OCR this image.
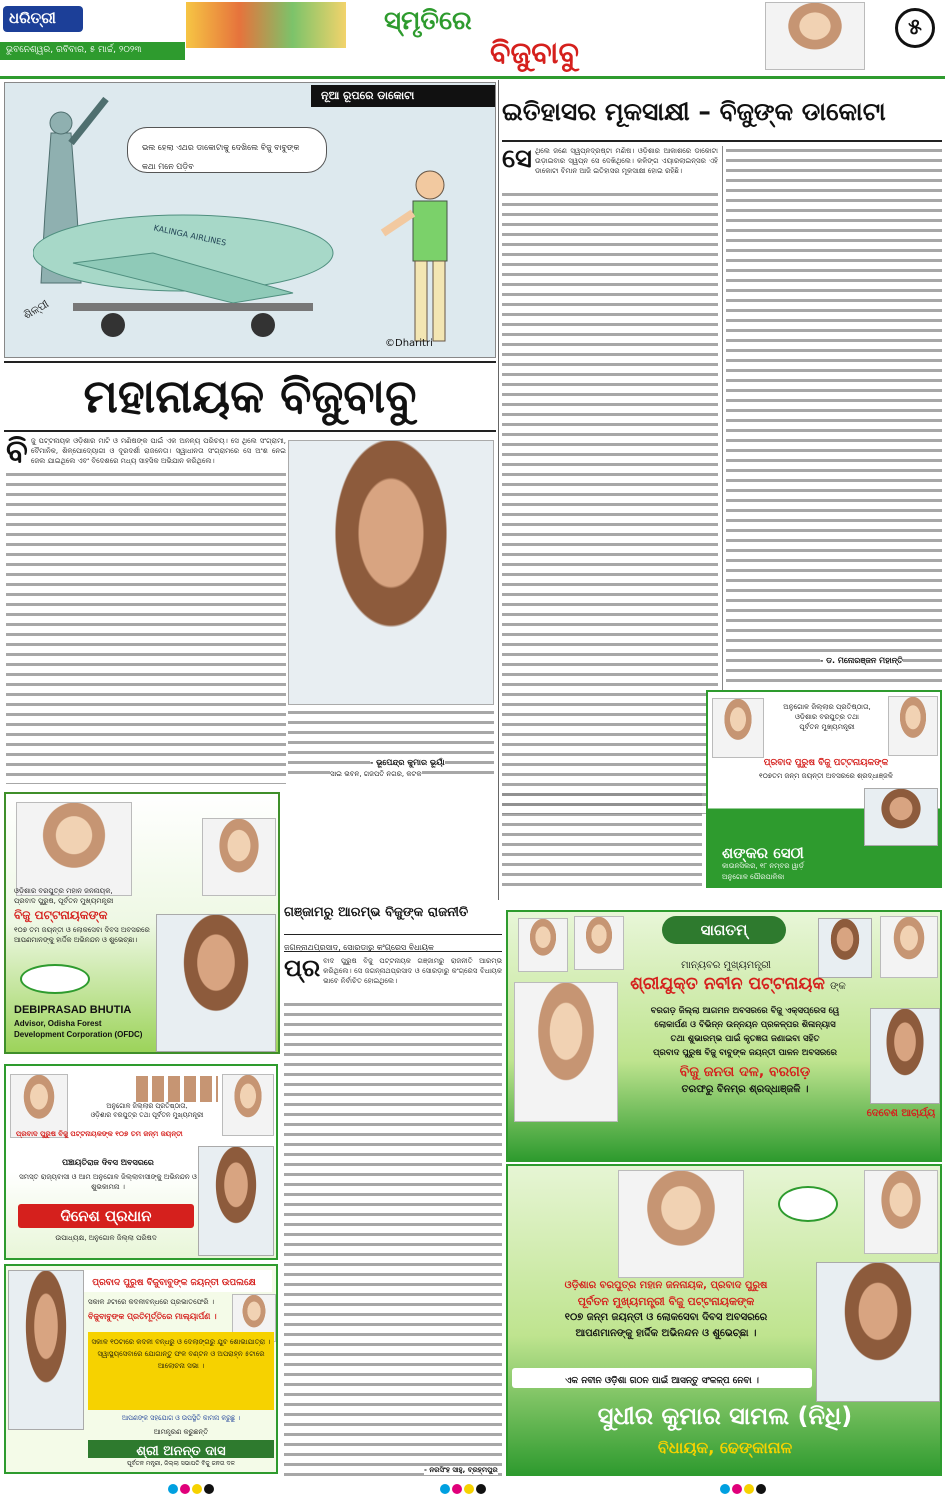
ଧରିତ୍ରୀ	ସ୍ମୃତିରେ
ବିଜୁବାବୁ
୫
ଭୁବନେଶ୍ୱର, ରବିବାର, ୫ ମାର୍ଚ୍ଚ, ୨୦୨୩
ନୂଆ ରୂପରେ ଡାକୋଟା
ଭଲ ହେଲା ଏଥର ଡାକୋଟାକୁ ଦେଖିଲେ ବିଜୁ ବାବୁଙ୍କ କଥା ମନେ ପଡ଼ିବ
KALINGA AIRLINES
ଶିଳ୍ପୀ
©Dharitri
ମହାନାୟକ ବିଜୁବାବୁ
ବି ଜୁ ପଟ୍ଟନାୟକ ଓଡ଼ିଶାର ମାଟି ଓ ମଣିଷଙ୍କ ପାଇଁ ଏକ ଅନନ୍ୟ ପରିଚୟ। ସେ ଥିଲେ ସଂଗ୍ରାମୀ, ବୈମାନିକ, ଶିଳ୍ପୋଦ୍ୟୋଗୀ ଓ ଦୂରଦର୍ଶୀ ରାଜନେତା। ସ୍ୱାଧୀନତା ସଂଗ୍ରାମରେ ସେ ଅଂଶ ନେଇ ଜେଲ ଯାଇଥିଲେ ଏବଂ ବିଦେଶରେ ମଧ୍ୟ ସାହସିକ ଅଭିଯାନ କରିଥିଲେ।
- ଭୂପେନ୍ଦ୍ର କୁମାର ଭୂୟାଁ
ସାଇ ଭବନ, ଗଜପତି ନଗର, କଟକ
ଇତିହାସର ମୂକସାକ୍ଷୀ – ବିଜୁଙ୍କ ଡାକୋଟା
ସେ ଥିଲେ ଜଣେ ସ୍ୱପ୍ନଦ୍ରଷ୍ଟା ମଣିଷ। ଓଡ଼ିଶାର ଆକାଶରେ ଡାକୋଟା ଉଡ଼ାଇବାର ସ୍ୱପ୍ନ ସେ ଦେଖିଥିଲେ। କଳିଙ୍ଗ ଏୟାରଲାଇନ୍ସର ଏହି ଡାକୋଟା ବିମାନ ଆଜି ଇତିହାସର ମୂକସାକ୍ଷୀ ହୋଇ ରହିଛି।
- ଡ. ମନୋରଞ୍ଜନ ମହାନ୍ତି
ଅନୁଗୋଳ ଜିଲ୍ଲାର ପ୍ରତିଷ୍ଠାତା,
ଓଡ଼ିଶାର ବରପୁତ୍ର ତଥା
ପୂର୍ବତନ ମୁଖ୍ୟମନ୍ତ୍ରୀ
ପ୍ରବାଦ ପୁରୁଷ ବିଜୁ ପଟ୍ଟନାୟକଙ୍କ
୧୦୭ତମ ଜନ୍ମ ଜୟନ୍ତୀ ଅବସରରେ ଶ୍ରଦ୍ଧାଞ୍ଜଳି
ଶଙ୍କର ସେଠୀ
କାଉନସିଲର, ୧୮ ନମ୍ବର ୱାର୍ଡ଼
ଅନୁଗୋଳ ପୌରପାଳିକା
ଓଡ଼ିଶାର ବରପୁତ୍ର ମହାନ ଜନନାୟକ,
ପ୍ରବାଦ ପୁରୁଷ, ପୂର୍ବତନ ମୁଖ୍ୟମନ୍ତ୍ରୀ
ବିଜୁ ପଟ୍ଟନାୟକଙ୍କ
୧୦୭ ତମ ଜୟନ୍ତୀ ଓ ଲୋକସେବା ଦିବସ ଅବସରରେ
ଆପଣମାନଙ୍କୁ ହାର୍ଦ୍ଦିକ ଅଭିନନ୍ଦନ ଓ ଶୁଭେଚ୍ଛା।
DEBIPRASAD BHUTIA
Advisor, Odisha Forest Development Corporation (OFDC)
ଗଞ୍ଜାମରୁ ଆରମ୍ଭ ବିଜୁଙ୍କ ରାଜନୀତି
ଜଗନ୍ନାଥପ୍ରସାଦ, ସୋରଡ଼ାରୁ କଂଗ୍ରେସ ବିଧାୟକ
ପ୍ର ବାଦ ପୁରୁଷ ବିଜୁ ପଟ୍ଟନାୟକ ଗଞ୍ଜାମରୁ ରାଜନୀତି ଆରମ୍ଭ କରିଥିଲେ। ସେ ଜଗନ୍ନାଥପ୍ରସାଦ ଓ ସୋରଡ଼ାରୁ କଂଗ୍ରେସ ବିଧାୟକ ଭାବେ ନିର୍ବାଚିତ ହୋଇଥିଲେ।
- ନରସିଂହ ସାହୁ, ବ୍ରହ୍ମପୁର
ସାଗତମ୍
ମାନ୍ୟବର ମୁଖ୍ୟମନ୍ତ୍ରୀ
ଶ୍ରୀଯୁକ୍ତ ନବୀନ ପଟ୍ଟନାୟକ ଙ୍କ
ବରଗଡ଼ ଜିଲ୍ଲା ଆଗମନ ଅବସରରେ ବିଜୁ ଏକ୍ସପ୍ରେସ ୱେ
ଲୋକାର୍ପଣ ଓ ବିଭିନ୍ନ ଉନ୍ନୟନ ପ୍ରକଳ୍ପର ଶିଳାନ୍ୟାସ
ତଥା ଶୁଭାରମ୍ଭ ପାଇଁ କୃତଜ୍ଞତା ଜଣାଇବା ସହିତ
ପ୍ରବାଦ ପୁରୁଷ ବିଜୁ ବାବୁଙ୍କ ଜୟନ୍ତୀ ପାଳନ ଅବସରରେ
ବିଜୁ ଜନତା ଦଳ, ବରଗଡ଼
ତରଫରୁ ବିନମ୍ର ଶ୍ରଦ୍ଧାଞ୍ଜଳି ।
ଦେବେଶ ଆଚାର୍ଯ୍ୟ
ଅନୁଗୋଳ ଜିଲ୍ଲାର ପ୍ରତିଷ୍ଠାତା,
ଓଡ଼ିଶାର ବରପୁତ୍ର ତଥା ପୂର୍ବତନ ମୁଖ୍ୟମନ୍ତ୍ରୀ
ପ୍ରବାଦ ପୁରୁଷ ବିଜୁ ପଟ୍ଟନାୟକଙ୍କ ୧୦୭ ତମ ଜନ୍ମ ଜୟନ୍ତୀ
ପଞ୍ଚାୟତିରାଜ ଦିବସ ଅବସରରେ
ସମସ୍ତ ରାଜ୍ୟବାସୀ ଓ ଆମ ଅନୁଗୋଳ ଜିଲ୍ଲାବାସୀଙ୍କୁ ଅଭିନନ୍ଦନ ଓ ଶୁଭକାମନା ।
ଦିନେଶ ପ୍ରଧାନ
ଉପାଧ୍ୟକ୍ଷ, ଅନୁଗୋଳ ଜିଲ୍ଲା ପରିଷଦ
ପ୍ରବାଦ ପୁରୁଷ ବିଜୁବାବୁଙ୍କ ଜୟନ୍ତୀ ଉପଲକ୍ଷେ
ସକାଳ ୬ଟାରେ କଦଳୀବନ୍ଧରେ ପ୍ରଭାତଫେରି ।
ବିଜୁବାବୁଙ୍କ ପ୍ରତିମୂର୍ତ୍ତିରେ ମାଲ୍ୟାର୍ପଣ ।
ସକାଳ ୧୦ଟାରେ କଦଳୀ ବନ୍ଧରୁ ଓ ଦେଲାଙ୍ଗରୁ ଯୁବ ଶୋଭାଯାତ୍ରା ।
ସ୍ୱାସ୍ଥ୍ୟସେବାରେ ଯୋଗାନ୍ତୁ ଫଳ ବଣ୍ଟନ ଓ ଅପରାହ୍ନ ୫ଟାରେ ଆଲୋଚନା ସଭା ।
ଆପଣଙ୍କ ସହଯୋଗ ଓ ଉପସ୍ଥିତି କାମନା କରୁଛୁ ।
ଆମନ୍ତ୍ରଣ କରୁଛନ୍ତି
ଶ୍ରୀ ଅନନ୍ତ ଦାସ
ପୂର୍ବତନ ମନ୍ତ୍ରୀ, ଜିଲ୍ଲା ସଭାପତି ବିଜୁ ଜନତା ଦଳ
ଓଡ଼ିଶାର ବରପୁତ୍ର ମହାନ ଜନନାୟକ, ପ୍ରବାଦ ପୁରୁଷ
ପୂର୍ବତନ ମୁଖ୍ୟମନ୍ତ୍ରୀ ବିଜୁ ପଟ୍ଟନାୟକଙ୍କ
୧୦୭ ଜନ୍ମ ଜୟନ୍ତୀ ଓ ଲୋକସେବା ଦିବସ ଅବସରରେ
ଆପଣମାନଙ୍କୁ ହାର୍ଦ୍ଦିକ ଅଭିନନ୍ଦନ ଓ ଶୁଭେଚ୍ଛା ।
ଏକ ନବୀନ ଓଡ଼ିଶା ଗଠନ ପାଇଁ ଆସନ୍ତୁ ସଂକଳ୍ପ ନେବା ।
ସୁଧୀର କୁମାର ସାମଲ (ନିଧି)
ବିଧାୟକ, ଢେଙ୍କାନାଳ
